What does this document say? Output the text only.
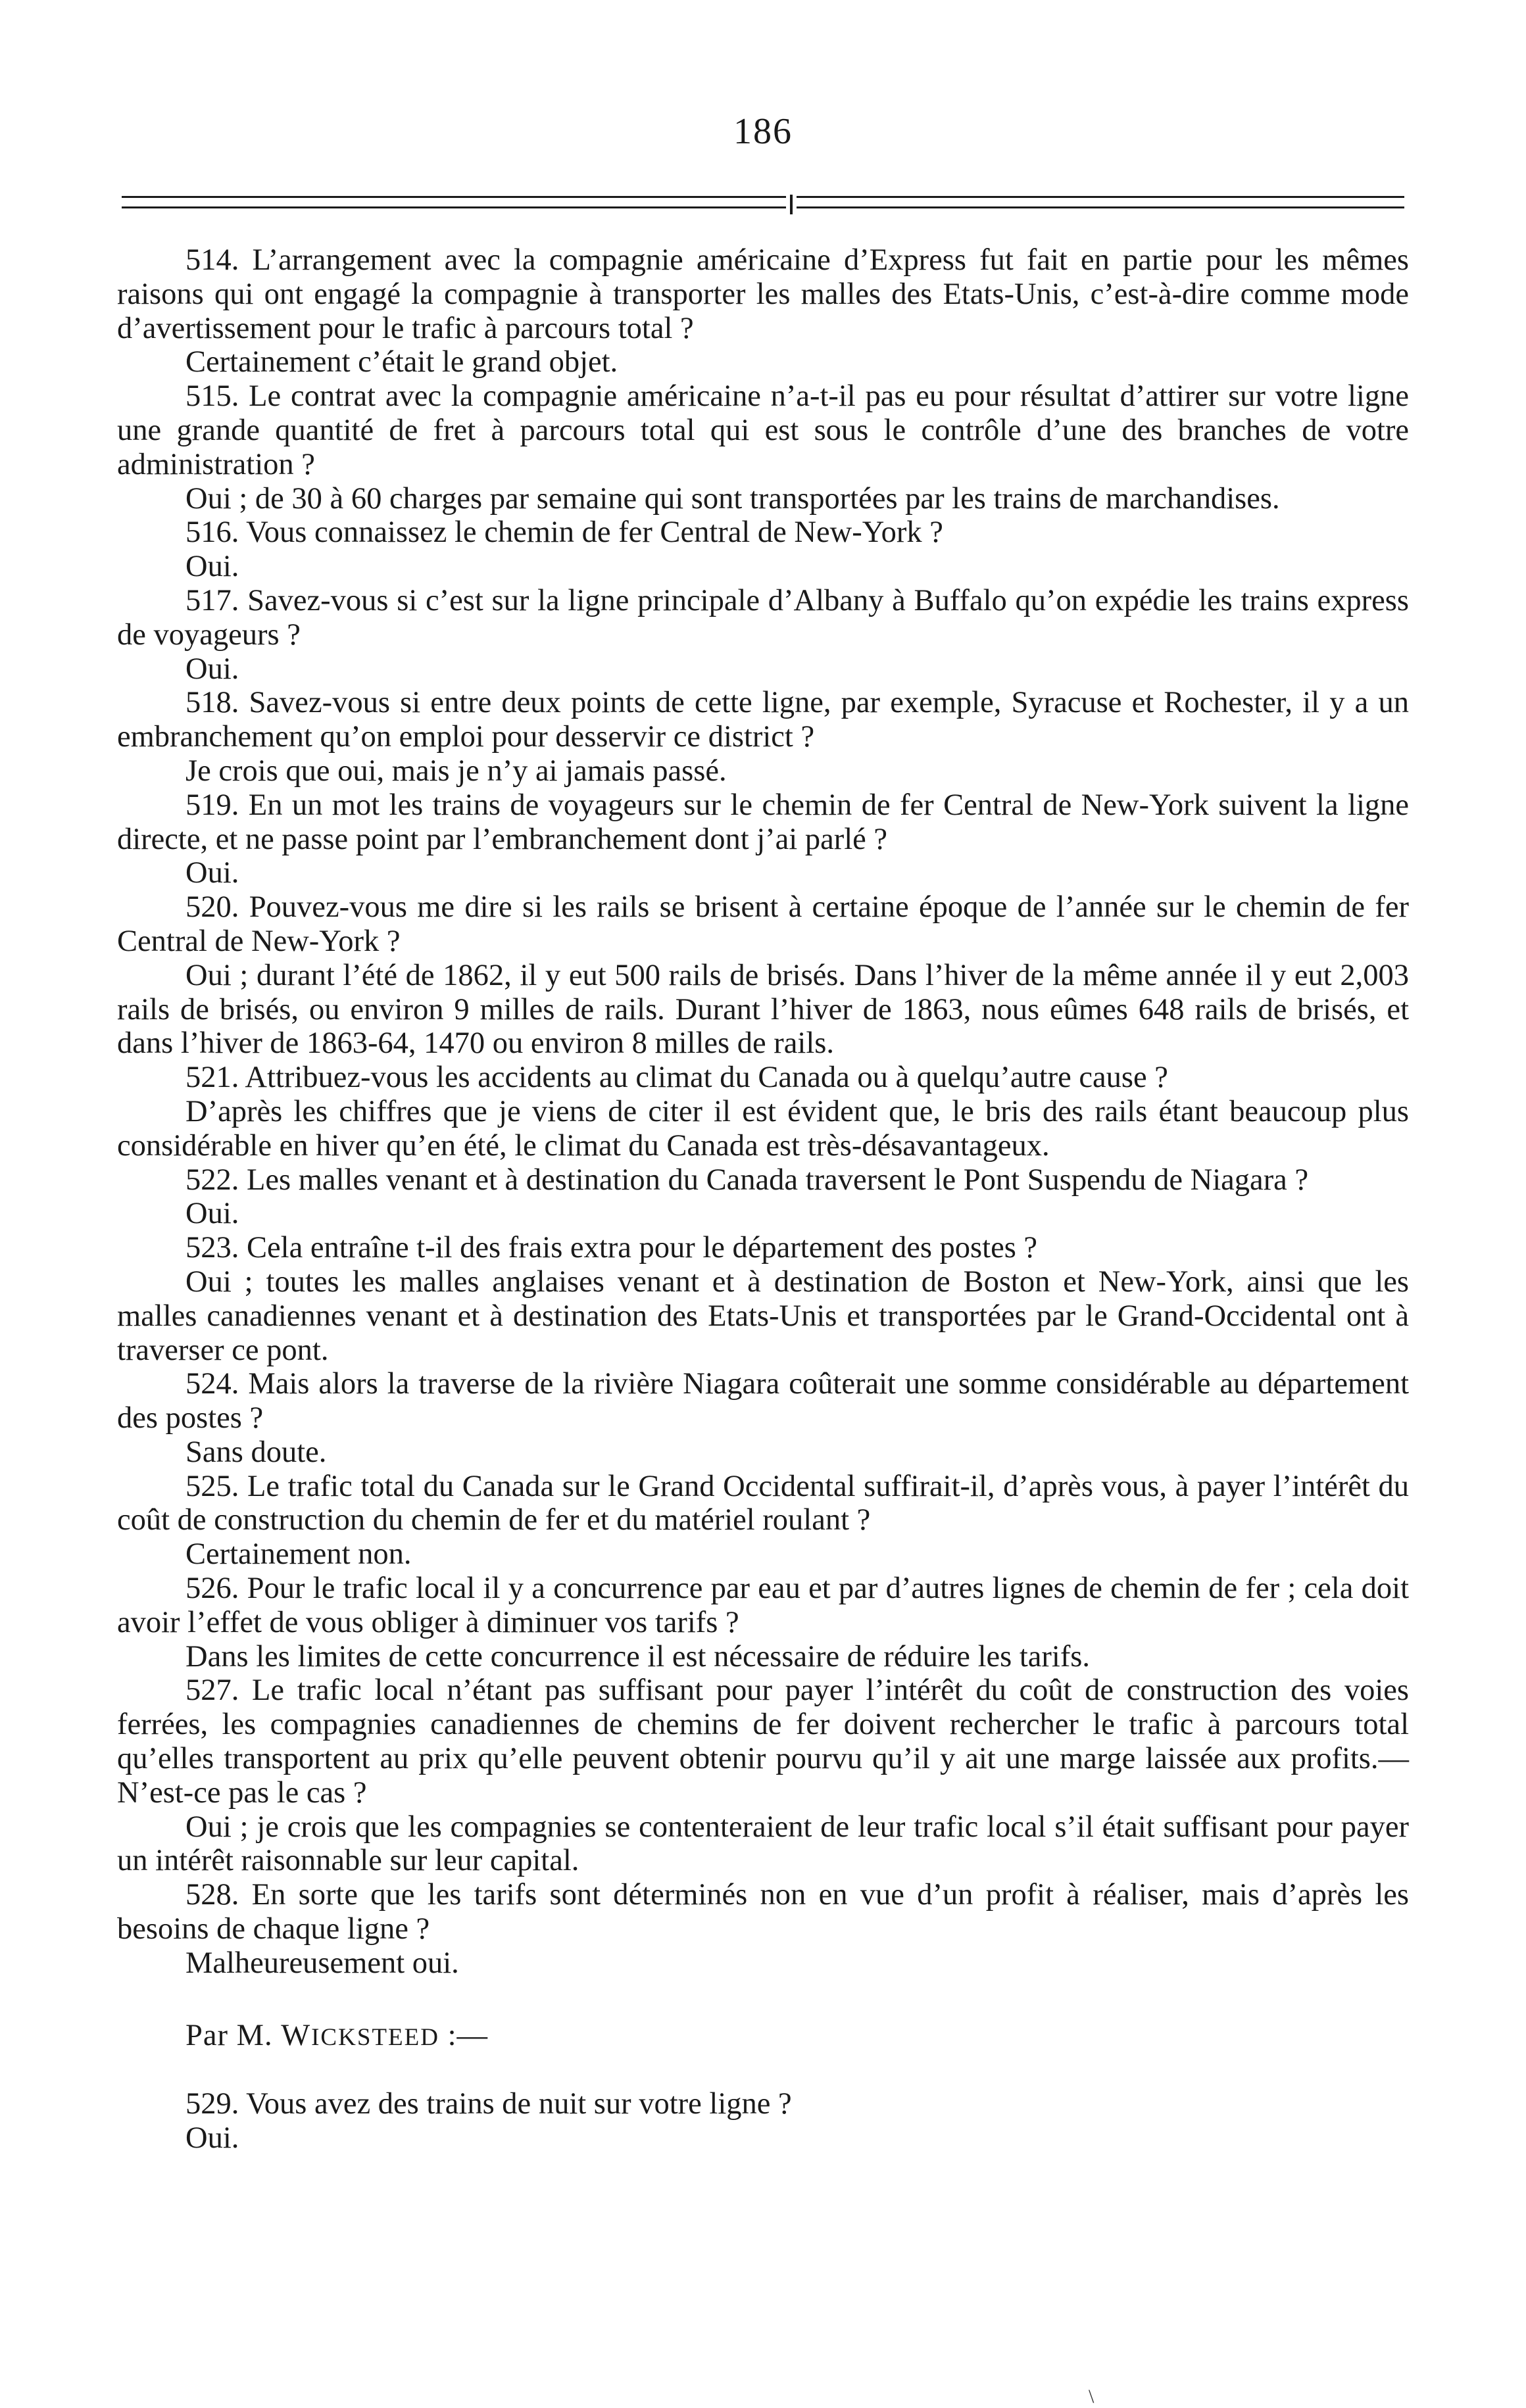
186

514. L’arrangement avec la compagnie américaine d’Express fut fait en partie pour les mêmes raisons qui ont engagé la compagnie à transporter les malles des Etats-Unis, c’est-à-dire comme mode d’avertissement pour le trafic à parcours total ?

Certainement c’était le grand objet.

515. Le contrat avec la compagnie américaine n’a-t-il pas eu pour résultat d’attirer sur votre ligne une grande quantité de fret à parcours total qui est sous le contrôle d’une des branches de votre administration ?

Oui ; de 30 à 60 charges par semaine qui sont transportées par les trains de marchandises.

516. Vous connaissez le chemin de fer Central de New-York ?

Oui.

517. Savez-vous si c’est sur la ligne principale d’Albany à Buffalo qu’on expédie les trains express de voyageurs ?

Oui.

518. Savez-vous si entre deux points de cette ligne, par exemple, Syracuse et Rochester, il y a un embranchement qu’on emploi pour desservir ce district ?

Je crois que oui, mais je n’y ai jamais passé.

519. En un mot les trains de voyageurs sur le chemin de fer Central de New-York suivent la ligne directe, et ne passe point par l’embranchement dont j’ai parlé ?

Oui.

520. Pouvez-vous me dire si les rails se brisent à certaine époque de l’année sur le chemin de fer Central de New-York ?

Oui ; durant l’été de 1862, il y eut 500 rails de brisés. Dans l’hiver de la même année il y eut 2,003 rails de brisés, ou environ 9 milles de rails. Durant l’hiver de 1863, nous eûmes 648 rails de brisés, et dans l’hiver de 1863-64, 1470 ou environ 8 milles de rails.

521. Attribuez-vous les accidents au climat du Canada ou à quelqu’autre cause ?

D’après les chiffres que je viens de citer il est évident que, le bris des rails étant beaucoup plus considérable en hiver qu’en été, le climat du Canada est très-désavantageux.

522. Les malles venant et à destination du Canada traversent le Pont Suspendu de Niagara ?

Oui.

523. Cela entraîne t-il des frais extra pour le département des postes ?

Oui ; toutes les malles anglaises venant et à destination de Boston et New-York, ainsi que les malles canadiennes venant et à destination des Etats-Unis et transportées par le Grand-Occidental ont à traverser ce pont.

524. Mais alors la traverse de la rivière Niagara coûterait une somme considérable au département des postes ?

Sans doute.

525. Le trafic total du Canada sur le Grand Occidental suffirait-il, d’après vous, à payer l’intérêt du coût de construction du chemin de fer et du matériel roulant ?

Certainement non.

526. Pour le trafic local il y a concurrence par eau et par d’autres lignes de chemin de fer ; cela doit avoir l’effet de vous obliger à diminuer vos tarifs ?

Dans les limites de cette concurrence il est nécessaire de réduire les tarifs.

527. Le trafic local n’étant pas suffisant pour payer l’intérêt du coût de construction des voies ferrées, les compagnies canadiennes de chemins de fer doivent rechercher le trafic à parcours total qu’elles transportent au prix qu’elle peuvent obtenir pourvu qu’il y ait une marge laissée aux profits.—N’est-ce pas le cas ?

Oui ; je crois que les compagnies se contenteraient de leur trafic local s’il était suffisant pour payer un intérêt raisonnable sur leur capital.

528. En sorte que les tarifs sont déterminés non en vue d’un profit à réaliser, mais d’après les besoins de chaque ligne ?

Malheureusement oui.

Par M. WICKSTEED :—

529. Vous avez des trains de nuit sur votre ligne ?

Oui.

\
